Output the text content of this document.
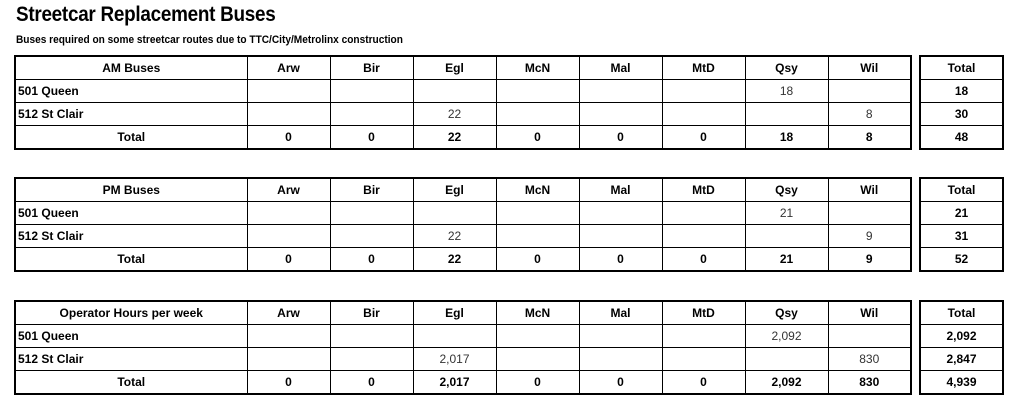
Streetcar Replacement Buses
Buses required on some streetcar routes due to TTC/City/Metrolinx construction
AM Buses	Arw	Bir	Egl	McN	Mal	MtD	Qsy	Wil		Total
501 Queen							18			18
512 St Clair			22					8		30
Total	0	0	22	0	0	0	18	8		48
PM Buses	Arw	Bir	Egl	McN	Mal	MtD	Qsy	Wil		Total
501 Queen							21			21
512 St Clair			22					9		31
Total	0	0	22	0	0	0	21	9		52
Operator Hours per week	Arw	Bir	Egl	McN	Mal	MtD	Qsy	Wil		Total
501 Queen							2,092			2,092
512 St Clair			2,017					830		2,847
Total	0	0	2,017	0	0	0	2,092	830		4,939
